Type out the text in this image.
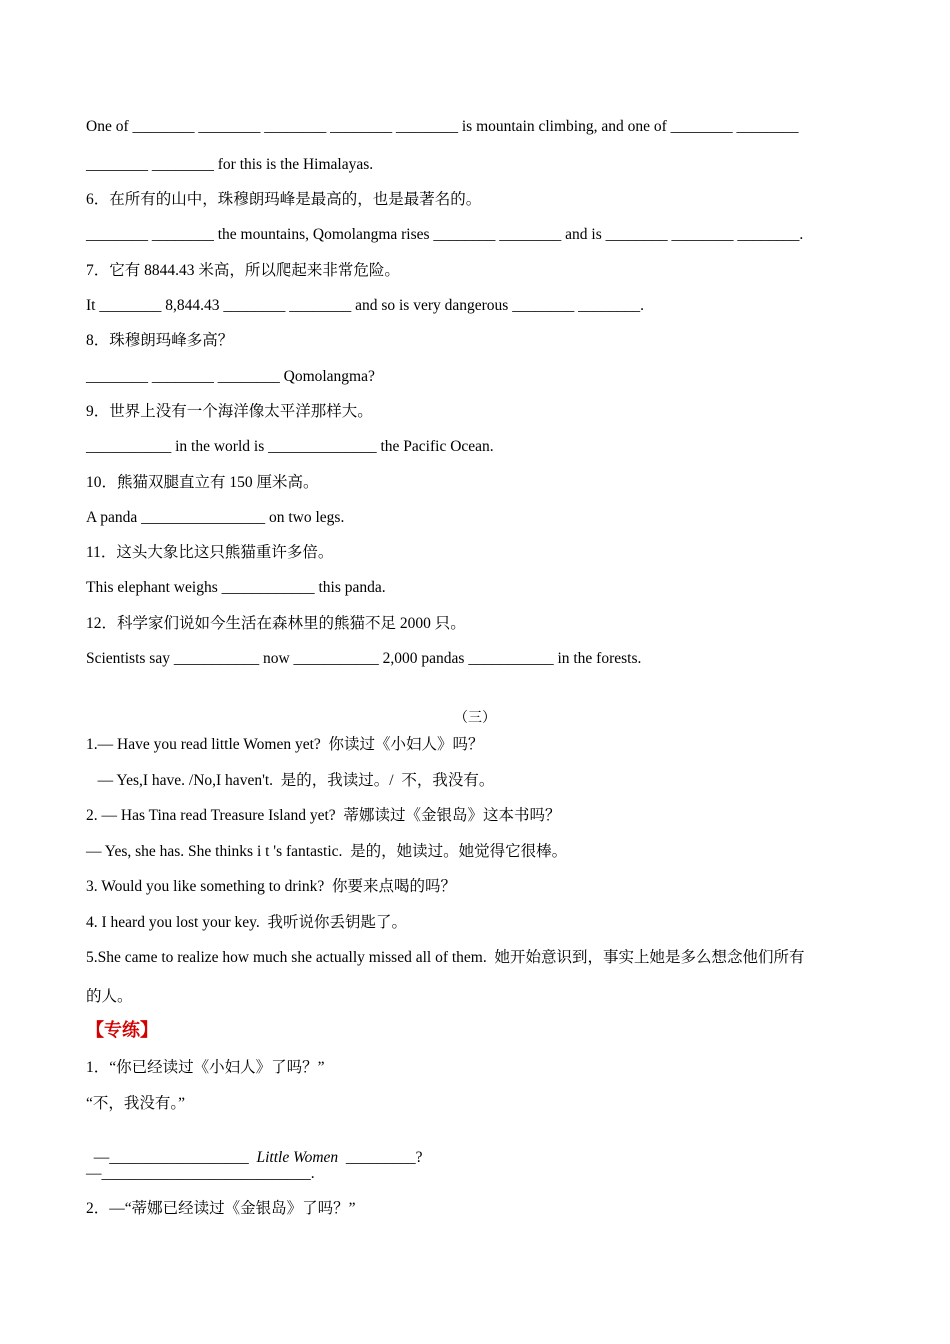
One of ________ ________ ________ ________ ________ is mountain climbing, and one of ________ ________
________ ________ for this is the Himalayas.
6．在所有的山中，珠穆朗玛峰是最高的，也是最著名的。
________ ________ the mountains, Qomolangma rises ________ ________ and is ________ ________ ________.
7．它有 8844.43 米高，所以爬起来非常危险。
It ________ 8,844.43 ________ ________ and so is very dangerous ________ ________.
8．珠穆朗玛峰多高？
________ ________ ________ Qomolangma?
9．世界上没有一个海洋像太平洋那样大。
___________ in the world is ______________ the Pacific Ocean.
10．熊猫双腿直立有 150 厘米高。
A panda ________________ on two legs.
11．这头大象比这只熊猫重许多倍。
This elephant weighs ____________ this panda.
12．科学家们说如今生活在森林里的熊猫不足 2000 只。
Scientists say ___________ now ___________ 2,000 pandas ___________ in the forests.
（三）
1.— Have you read little Women yet?  你读过《小妇人》吗？
— Yes,I have. /No,I haven't.  是的，我读过。/  不，我没有。
2. — Has Tina read Treasure Island yet?  蒂娜读过《金银岛》这本书吗？
— Yes, she has. She thinks i t 's fantastic.  是的，她读过。她觉得它很棒。
3. Would you like something to drink?  你要来点喝的吗？
4. I heard you lost your key.  我听说你丢钥匙了。
5.She came to realize how much she actually missed all of them.  她开始意识到，事实上她是多么想念他们所有
的人。
【专练】
1．“你已经读过《小妇人》了吗？”
“不，我没有。”

—__________________  Little Women  _________?

—___________________________.
2．—“蒂娜已经读过《金银岛》了吗？”
